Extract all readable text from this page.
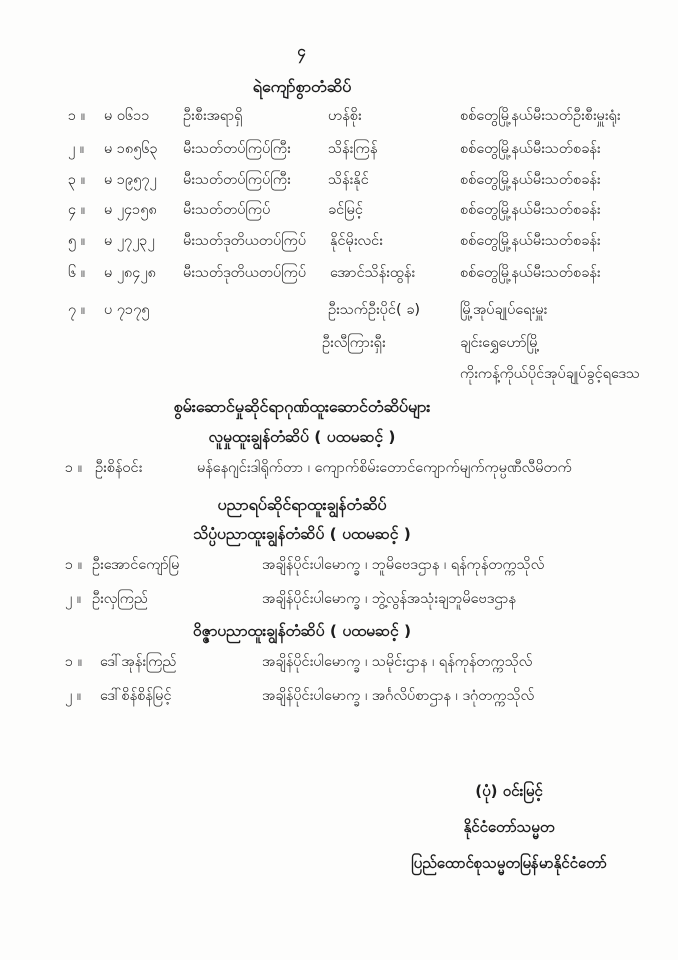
၄
ရဲကျော်စွာတံဆိပ်
၁ ။ မ ၀၆၁၁ ဦးစီးအရာရှိ	ဟန်စိုး	စစ်တွေမြို့နယ်မီးသတ်ဦးစီးမှူးရုံး
၂ ။ မ ၁၈၅၆၃ မီးသတ်တပ်ကြပ်ကြီး	သိန်းကြန်	စစ်တွေမြို့နယ်မီးသတ်စခန်း
၃ ။ မ ၁၉၅၇၂ မီးသတ်တပ်ကြပ်ကြီး	သိန်းနိုင်	စစ်တွေမြို့နယ်မီးသတ်စခန်း
၄ ။ မ ၂၄၁၅၈ မီးသတ်တပ်ကြပ်	ခင်မြင့်	စစ်တွေမြို့နယ်မီးသတ်စခန်း
၅ ။ မ ၂၇၂၃၂ မီးသတ်ဒုတိယတပ်ကြပ် နိုင်မိုးလင်း	စစ်တွေမြို့နယ်မီးသတ်စခန်း
၆ ။ မ ၂၈၄၂၈ မီးသတ်ဒုတိယတပ်ကြပ် အောင်သိန်းထွန်း	စစ်တွေမြို့နယ်မီးသတ်စခန်း
၇ ။ ပ ၇၁၇၅	ဦးသက်ဦးပိုင်( ခ)	မြို့အုပ်ချုပ်ရေးမှူး
ဦးလီကြားရှီး	ချင်းရွှေဟော်မြို့
ကိုးကန့်ကိုယ်ပိုင်အုပ်ချုပ်ခွင့်ရဒေသ
စွမ်းဆောင်မှုဆိုင်ရာဂုဏ်ထူးဆောင်တံဆိပ်များ
လူမှုထူးချွန်တံဆိပ် ( ပထမဆင့် )
၁ ။ ဦးစိန်ဝင်း	မန်နေဂျင်းဒါရိုက်တာ ၊ ကျောက်စိမ်းတောင်ကျောက်မျက်ကုမ္ပဏီလီမိတက်
ပညာရပ်ဆိုင်ရာထူးချွန်တံဆိပ်
သိပ္ပံပညာထူးချွန်တံဆိပ် ( ပထမဆင့် )
၁ ။ ဦးအောင်ကျော်မြ	အချိန်ပိုင်းပါမောက္ခ ၊ ဘူမိဗေဒဌာန ၊ ရန်ကုန်တက္ကသိုလ်
၂ ။ ဦးလှကြည်	အချိန်ပိုင်းပါမောက္ခ ၊ ဘွဲ့လွန်အသုံးချဘူမိဗေဒဌာန
ဝိဇ္ဇာပညာထူးချွန်တံဆိပ် ( ပထမဆင့် )
၁ ။ ဒေါ်အုန်းကြည်	အချိန်ပိုင်းပါမောက္ခ ၊ သမိုင်းဌာန ၊ ရန်ကုန်တက္ကသိုလ်
၂ ။ ဒေါ်စိန်စိန်မြင့်	အချိန်ပိုင်းပါမောက္ခ ၊ အင်္ဂလိပ်စာဌာန ၊ ဒဂုံတက္ကသိုလ်
(ပုံ) ဝင်းမြင့်
နိုင်ငံတော်သမ္မတ
ပြည်ထောင်စုသမ္မတမြန်မာနိုင်ငံတော်
